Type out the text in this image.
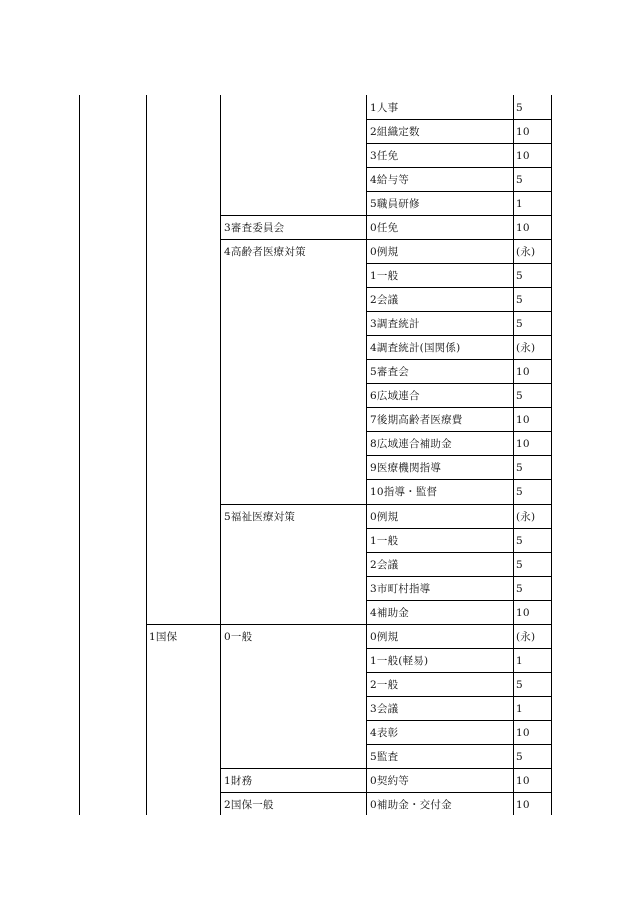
1人事	5
2組織定数	10
3任免	10
4給与等	5
5職員研修	1
3審査委員会	0任免	10
4高齢者医療対策	0例規	(永)
1一般	5
2会議	5
3調査統計	5
4調査統計(国関係)	(永)
5審査会	10
6広域連合	5
7後期高齢者医療費	10
8広域連合補助金	10
9医療機関指導	5
10指導・監督	5
5福祉医療対策	0例規	(永)
1一般	5
2会議	5
3市町村指導	5
4補助金	10
1国保	0一般	0例規	(永)
1一般(軽易)	1
2一般	5
3会議	1
4表彰	10
5監査	5
1財務	0契約等	10
2国保一般	0補助金・交付金	10
